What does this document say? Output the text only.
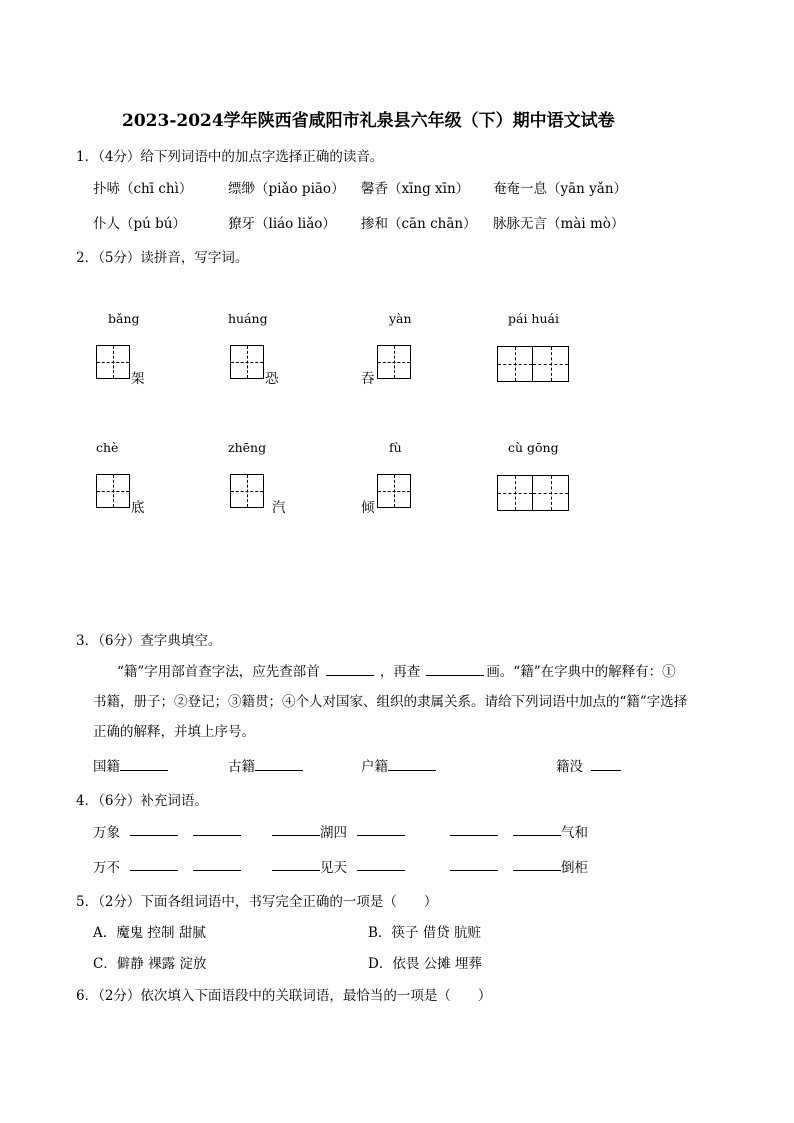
2023-2024学年陕西省咸阳市礼泉县六年级（下）期中语文试卷
1．（4分）给下列词语中的加点字选择正确的读音。
扑哧（chī chì）	缥缈（piǎo piāo） 馨香（xīng xīn） 奄奄一息（yān yǎn）
仆人（pú bú）	獠牙（liáo liǎo） 掺和（cān chān） 脉脉无言（mài mò）
2．（5分）读拼音，写字词。
bǎng	huáng	yàn	pái huái
架	恐	吞
chè	zhēng	fù	cù gōng
底	汽	倾
3．（6分）查字典填空。
“籍”字用部首查字法，应先查部首	，再查	画。“籍”在字典中的解释有：①
书籍，册子；②登记；③籍贯；④个人对国家、组织的隶属关系。请给下列词语中加点的“籍”字选择
正确的解释，并填上序号。
国籍	古籍	户籍	籍没
4．（6分）补充词语。
万象	湖四	气和
万不	见天	倒柜
5．（2分）下面各组词语中，书写完全正确的一项是（　　）
A．魔鬼 控制 甜腻	B．筷子 借贷 肮赃
C．僻静 裸露 淀放	D．依畏 公摊 埋葬
6．（2分）依次填入下面语段中的关联词语，最恰当的一项是（　　）
